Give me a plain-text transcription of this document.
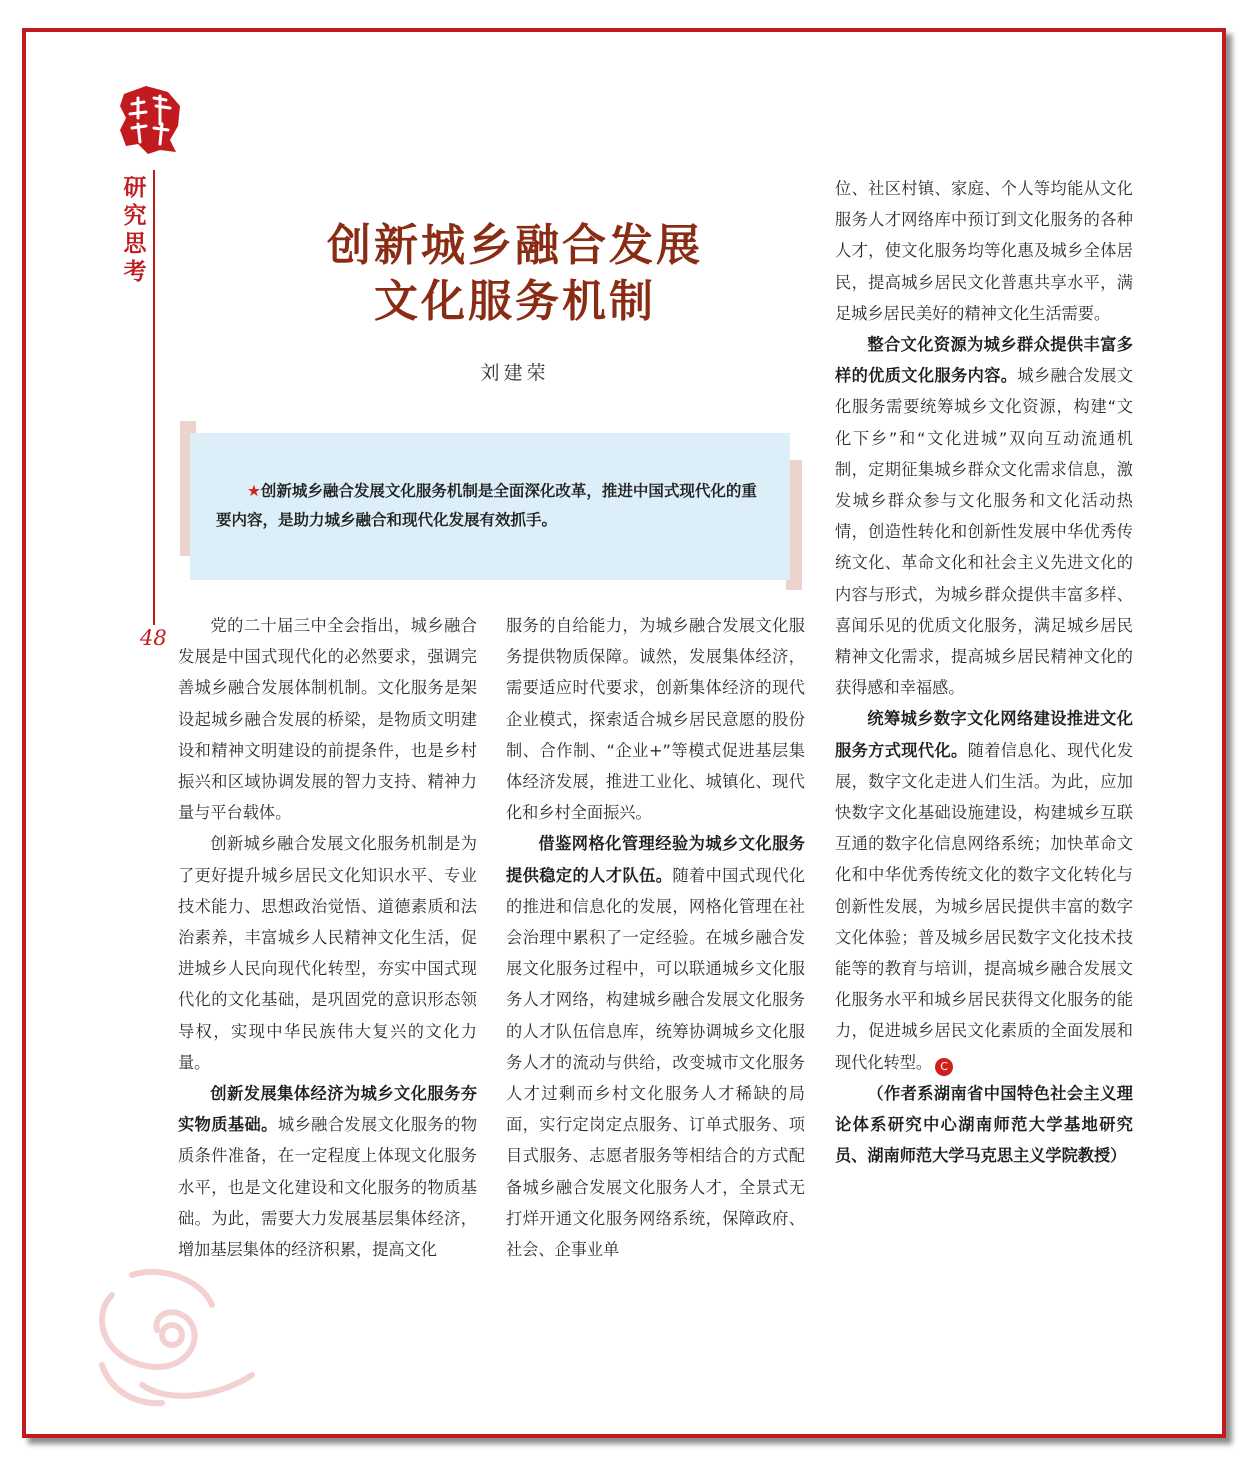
研
究
思
考
48
创新城乡融合发展
文化服务机制
刘建荣
★创新城乡融合发展文化服务机制是全面深化改革，推进中国式现代化的重要内容，是助力城乡融合和现代化发展有效抓手。

党的二十届三中全会指出，城乡融合发展是中国式现代化的必然要求，强调完善城乡融合发展体制机制。文化服务是架设起城乡融合发展的桥梁，是物质文明建设和精神文明建设的前提条件，也是乡村振兴和区域协调发展的智力支持、精神力量与平台载体。

创新城乡融合发展文化服务机制是为了更好提升城乡居民文化知识水平、专业技术能力、思想政治觉悟、道德素质和法治素养，丰富城乡人民精神文化生活，促进城乡人民向现代化转型，夯实中国式现代化的文化基础，是巩固党的意识形态领导权，实现中华民族伟大复兴的文化力量。

创新发展集体经济为城乡文化服务夯实物质基础。城乡融合发展文化服务的物质条件准备，在一定程度上体现文化服务水平，也是文化建设和文化服务的物质基础。为此，需要大力发展基层集体经济，增加基层集体的经济积累，提高文化

服务的自给能力，为城乡融合发展文化服务提供物质保障。诚然，发展集体经济，需要适应时代要求，创新集体经济的现代企业模式，探索适合城乡居民意愿的股份制、合作制、“企业+”等模式促进基层集体经济发展，推进工业化、城镇化、现代化和乡村全面振兴。

借鉴网格化管理经验为城乡文化服务提供稳定的人才队伍。随着中国式现代化的推进和信息化的发展，网格化管理在社会治理中累积了一定经验。在城乡融合发展文化服务过程中，可以联通城乡文化服务人才网络，构建城乡融合发展文化服务的人才队伍信息库，统筹协调城乡文化服务人才的流动与供给，改变城市文化服务人才过剩而乡村文化服务人才稀缺的局面，实行定岗定点服务、订单式服务、项目式服务、志愿者服务等相结合的方式配备城乡融合发展文化服务人才，全景式无打烊开通文化服务网络系统，保障政府、社会、企事业单

位、社区村镇、家庭、个人等均能从文化服务人才网络库中预订到文化服务的各种人才，使文化服务均等化惠及城乡全体居民，提高城乡居民文化普惠共享水平，满足城乡居民美好的精神文化生活需要。

整合文化资源为城乡群众提供丰富多样的优质文化服务内容。城乡融合发展文化服务需要统筹城乡文化资源，构建“文化下乡”和“文化进城”双向互动流通机制，定期征集城乡群众文化需求信息，激发城乡群众参与文化服务和文化活动热情，创造性转化和创新性发展中华优秀传统文化、革命文化和社会主义先进文化的内容与形式，为城乡群众提供丰富多样、喜闻乐见的优质文化服务，满足城乡居民精神文化需求，提高城乡居民精神文化的获得感和幸福感。

统筹城乡数字文化网络建设推进文化服务方式现代化。随着信息化、现代化发展，数字文化走进人们生活。为此，应加快数字文化基础设施建设，构建城乡互联互通的数字化信息网络系统；加快革命文化和中华优秀传统文化的数字文化转化与创新性发展，为城乡居民提供丰富的数字文化体验；普及城乡居民数字文化技术技能等的教育与培训，提高城乡融合发展文化服务水平和城乡居民获得文化服务的能力，促进城乡居民文化素质的全面发展和现代化转型。 C

（作者系湖南省中国特色社会主义理论体系研究中心湖南师范大学基地研究员、湖南师范大学马克思主义学院教授）
